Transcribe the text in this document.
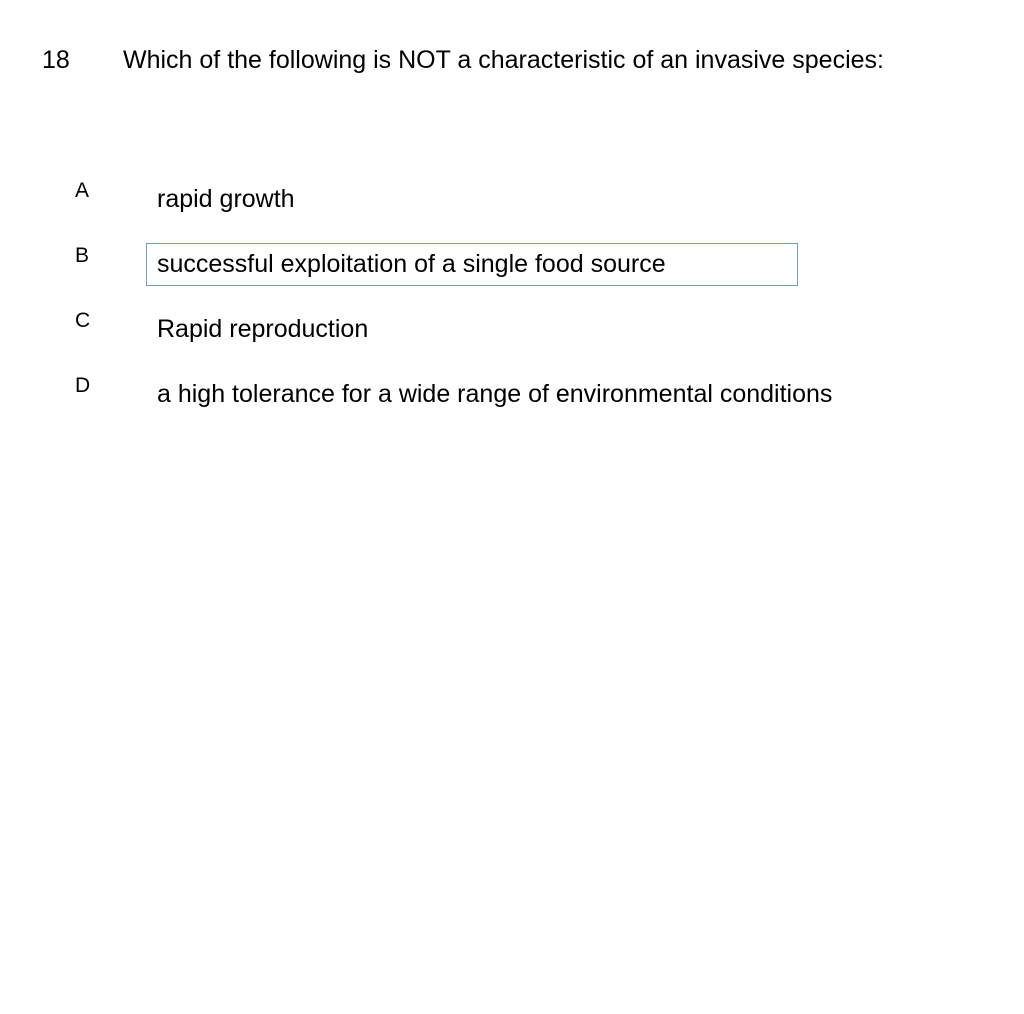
18 Which of the following is NOT a characteristic of an invasive species:
A	rapid growth
B	successful exploitation of a single food source
C	Rapid reproduction
D	a high tolerance for a wide range of environmental conditions
